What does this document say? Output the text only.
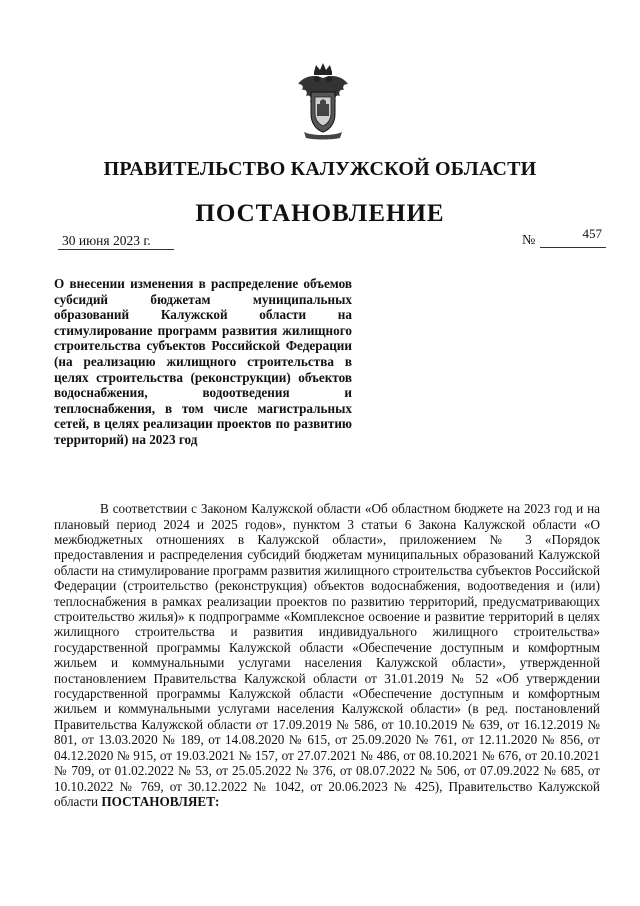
ПРАВИТЕЛЬСТВО КАЛУЖСКОЙ ОБЛАСТИ
ПОСТАНОВЛЕНИЕ
30 июня 2023 г.	№	457
О внесении изменения в распределение объемов субсидий бюджетам муниципальных образований Калужской области на стимулирование программ развития жилищного строительства субъектов Российской Федерации (на реализацию жилищного строительства в целях строительства (реконструкции) объектов водоснабжения, водоотведения и теплоснабжения, в том числе магистральных сетей, в целях реализации проектов по развитию территорий) на 2023 год

В соответствии с Законом Калужской области «Об областном бюджете на 2023 год и на плановый период 2024 и 2025 годов», пунктом 3 статьи 6 Закона Калужской области «О межбюджетных отношениях в Калужской области», приложением № 3 «Порядок предоставления и распределения субсидий бюджетам муниципальных образований Калужской области на стимулирование программ развития жилищного строительства субъектов Российской Федерации (строительство (реконструкция) объектов водоснабжения, водоотведения и (или) теплоснабжения в рамках реализации проектов по развитию территорий, предусматривающих строительство жилья)» к подпрограмме «Комплексное освоение и развитие территорий в целях жилищного строительства и развития индивидуального жилищного строительства» государственной программы Калужской области «Обеспечение доступным и комфортным жильем и коммунальными услугами населения Калужской области», утвержденной постановлением Правительства Калужской области от 31.01.2019 № 52 «Об утверждении государственной программы Калужской области «Обеспечение доступным и комфортным жильем и коммунальными услугами населения Калужской области» (в ред. постановлений Правительства Калужской области от 17.09.2019 № 586, от 10.10.2019 № 639, от 16.12.2019 № 801, от 13.03.2020 № 189, от 14.08.2020 № 615, от 25.09.2020 № 761, от 12.11.2020 № 856, от 04.12.2020 № 915, от 19.03.2021 № 157, от 27.07.2021 № 486, от 08.10.2021 № 676, от 20.10.2021 № 709, от 01.02.2022 № 53, от 25.05.2022 № 376, от 08.07.2022 № 506, от 07.09.2022 № 685, от 10.10.2022 № 769, от 30.12.2022 № 1042, от 20.06.2023 № 425), Правительство Калужской области ПОСТАНОВЛЯЕТ:
